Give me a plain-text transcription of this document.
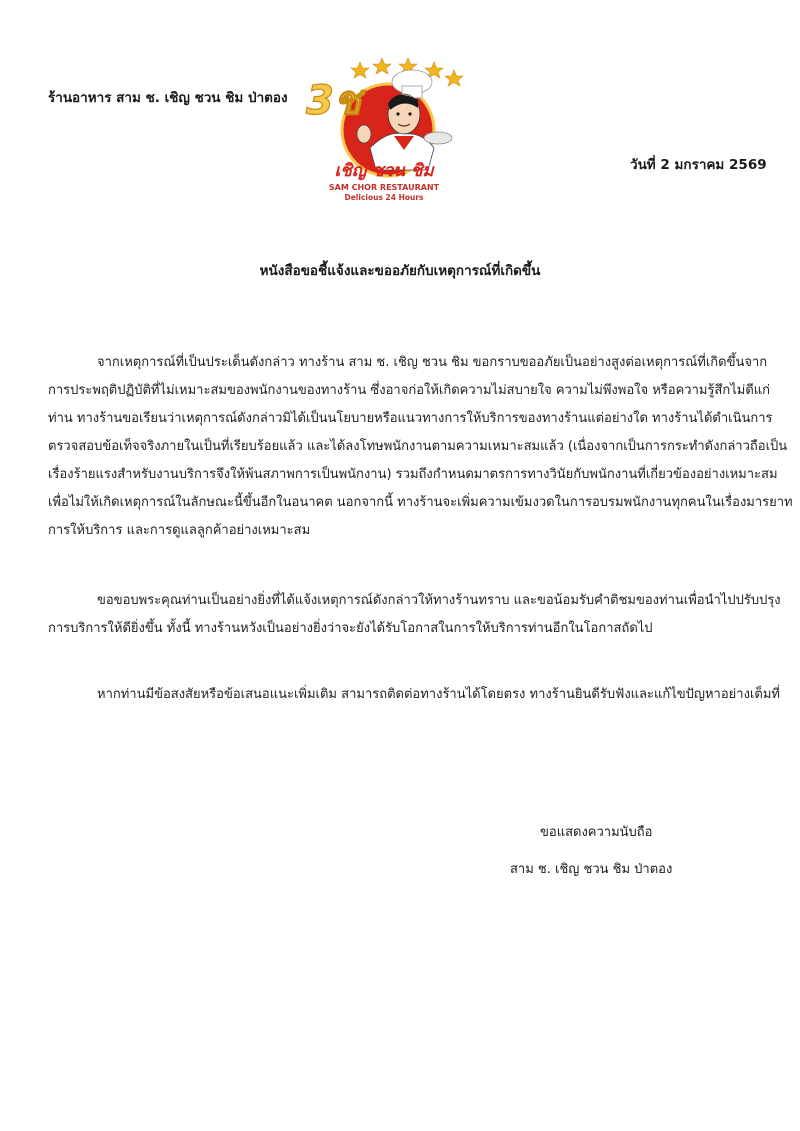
ร้านอาหาร สาม ช. เชิญ ชวน ชิม ป่าตอง 3ช
เชิญ ชวน ชิม
SAM CHOR RESTAURANT
Delicious 24 Hours
วันที่ 2 มกราคม 2569
หนังสือขอชี้แจ้งและขออภัยกับเหตุการณ์ที่เกิดขึ้น
จากเหตุการณ์ที่เป็นประเด็นดังกล่าว ทางร้าน สาม ช. เชิญ ชวน ชิม ขอกราบขออภัยเป็นอย่างสูงต่อเหตุการณ์ที่เกิดขึ้นจาก
การประพฤติปฏิบัติที่ไม่เหมาะสมของพนักงานของทางร้าน ซึ่งอาจก่อให้เกิดความไม่สบายใจ ความไม่พึงพอใจ หรือความรู้สึกไม่ดีแก่
ท่าน ทางร้านขอเรียนว่าเหตุการณ์ดังกล่าวมิได้เป็นนโยบายหรือแนวทางการให้บริการของทางร้านแต่อย่างใด ทางร้านได้ดำเนินการ
ตรวจสอบข้อเท็จจริงภายในเป็นที่เรียบร้อยแล้ว และได้ลงโทษพนักงานตามความเหมาะสมแล้ว (เนื่องจากเป็นการกระทำดังกล่าวถือเป็น
เรื่องร้ายแรงสำหรับงานบริการจึงให้พ้นสภาพการเป็นพนักงาน) รวมถึงกำหนดมาตรการทางวินัยกับพนักงานที่เกี่ยวข้องอย่างเหมาะสม
เพื่อไม่ให้เกิดเหตุการณ์ในลักษณะนี้ขึ้นอีกในอนาคต นอกจากนี้ ทางร้านจะเพิ่มความเข้มงวดในการอบรมพนักงานทุกคนในเรื่องมารยาท
การให้บริการ และการดูแลลูกค้าอย่างเหมาะสม
ขอขอบพระคุณท่านเป็นอย่างยิ่งที่ได้แจ้งเหตุการณ์ดังกล่าวให้ทางร้านทราบ และขอน้อมรับคำติชมของท่านเพื่อนำไปปรับปรุง
การบริการให้ดียิ่งขึ้น ทั้งนี้ ทางร้านหวังเป็นอย่างยิ่งว่าจะยังได้รับโอกาสในการให้บริการท่านอีกในโอกาสถัดไป
หากท่านมีข้อสงสัยหรือข้อเสนอแนะเพิ่มเติม สามารถติดต่อทางร้านได้โดยตรง ทางร้านยินดีรับฟังและแก้ไขปัญหาอย่างเต็มที่
ขอแสดงความนับถือ
สาม ช. เชิญ ชวน ชิม ป่าตอง
